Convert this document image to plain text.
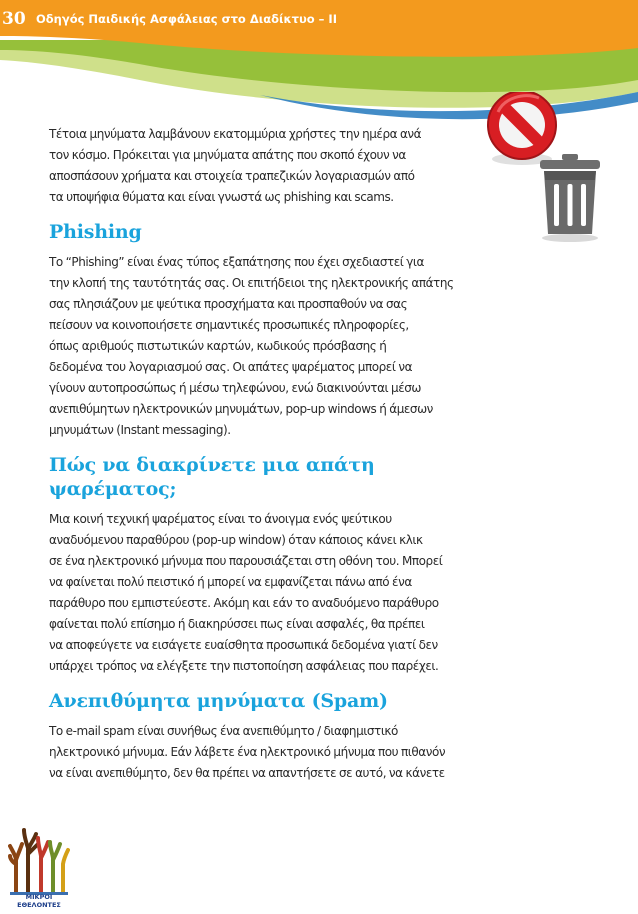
30 Οδηγός Παιδικής Ασφάλειας στο Διαδίκτυο – ΙΙ

Τέτοια μηνύματα λαμβάνουν εκατομμύρια χρήστες την ημέρα ανά
τον κόσμο. Πρόκειται για μηνύματα απάτης που σκοπό έχουν να
αποσπάσουν χρήματα και στοιχεία τραπεζικών λογαριασμών από
τα υποψήφια θύματα και είναι γνωστά ως phishing και scams.

Phishing

Το “Phishing” είναι ένας τύπος εξαπάτησης που έχει σχεδιαστεί για
την κλοπή της ταυτότητάς σας. Οι επιτήδειοι της ηλεκτρονικής απάτης
σας πλησιάζουν με ψεύτικα προσχήματα και προσπαθούν να σας
πείσουν να κοινοποιήσετε σημαντικές προσωπικές πληροφορίες,
όπως αριθμούς πιστωτικών καρτών, κωδικούς πρόσβασης ή
δεδομένα του λογαριασμού σας. Οι απάτες ψαρέματος μπορεί να
γίνουν αυτοπροσώπως ή μέσω τηλεφώνου, ενώ διακινούνται μέσω
ανεπιθύμητων ηλεκτρονικών μηνυμάτων, pop-up windows ή άμεσων
μηνυμάτων (Instant messaging).

Πώς να διακρίνετε μια απάτη
ψαρέματος;

Μια κοινή τεχνική ψαρέματος είναι το άνοιγμα ενός ψεύτικου
αναδυόμενου παραθύρου (pop-up window) όταν κάποιος κάνει κλικ
σε ένα ηλεκτρονικό μήνυμα που παρουσιάζεται στη οθόνη του. Μπορεί
να φαίνεται πολύ πειστικό ή μπορεί να εμφανίζεται πάνω από ένα
παράθυρο που εμπιστεύεστε. Ακόμη και εάν το αναδυόμενο παράθυρο
φαίνεται πολύ επίσημο ή διακηρύσσει πως είναι ασφαλές, θα πρέπει
να αποφεύγετε να εισάγετε ευαίσθητα προσωπικά δεδομένα γιατί δεν
υπάρχει τρόπος να ελέγξετε την πιστοποίηση ασφάλειας που παρέχει.

Ανεπιθύμητα μηνύματα (Spam)

Το e-mail spam είναι συνήθως ένα ανεπιθύμητο / διαφημιστικό
ηλεκτρονικό μήνυμα. Εάν λάβετε ένα ηλεκτρονικό μήνυμα που πιθανόν
να είναι ανεπιθύμητο, δεν θα πρέπει να απαντήσετε σε αυτό, να κάνετε

ΜΙΚΡΟΙ ΕΘΕΛΟΝΤΕΣ
